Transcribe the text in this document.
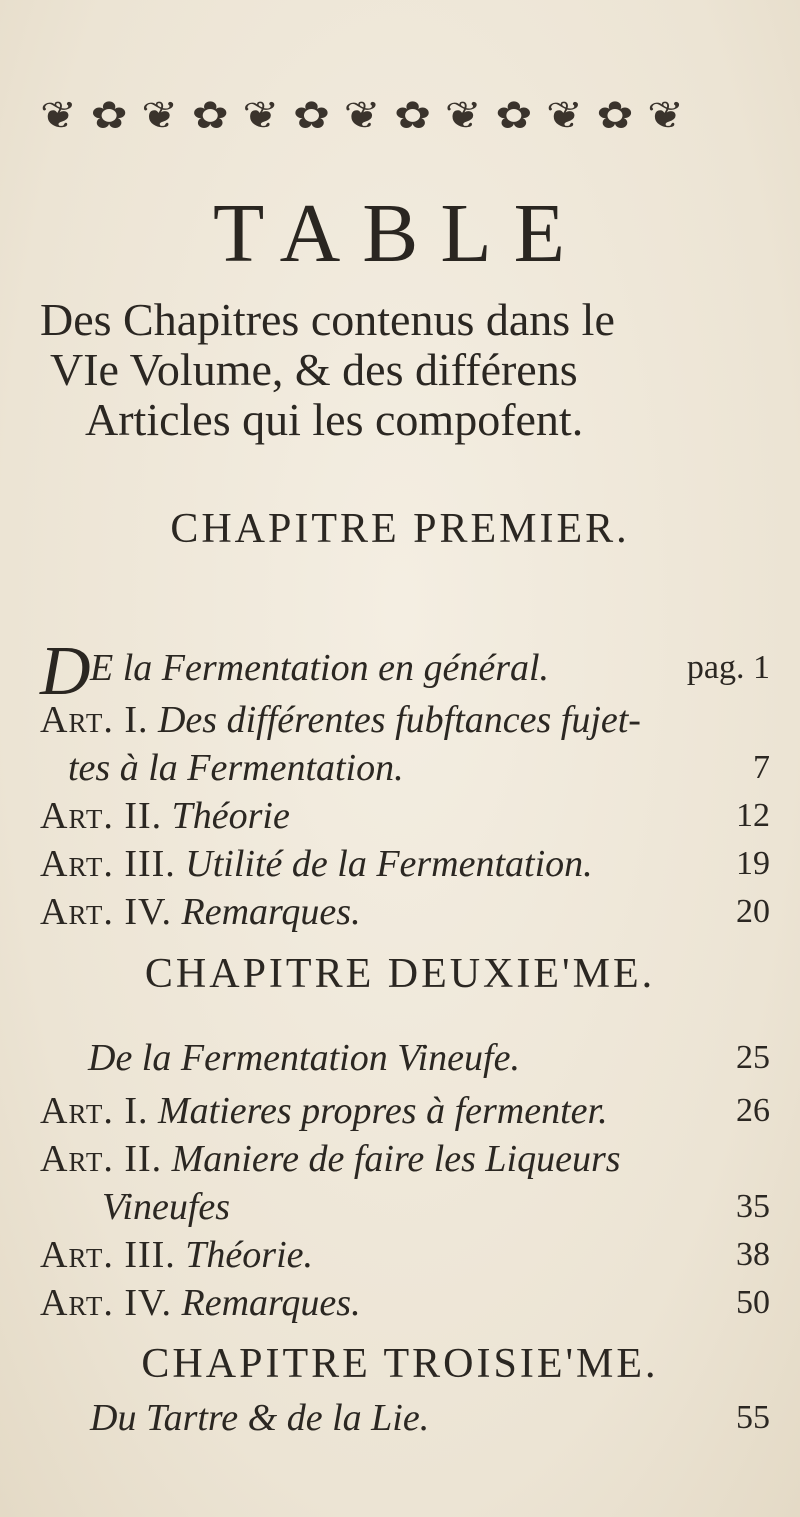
❦ ✿ ❦ ✿ ❦ ✿ ❦ ✿ ❦ ✿ ❦ ✿ ❦
TABLE
Des Chapitres contenus dans le
VIe Volume, & des différens
Articles qui les compofent.
CHAPITRE PREMIER.
D E la Fermentation en général.	pag. 1
Art. I. Des différentes fubftances fujet-
tes à la Fermentation.	7
Art. II. Théorie	12
Art. III. Utilité de la Fermentation.	19
Art. IV. Remarques.	20
CHAPITRE DEUXIE'ME.
De la Fermentation Vineufe.	25
Art. I. Matieres propres à fermenter.	26
Art. II. Maniere de faire les Liqueurs
Vineufes	35
Art. III. Théorie.	38
Art. IV. Remarques.	50
CHAPITRE TROISIE'ME.
Du Tartre & de la Lie.	55
